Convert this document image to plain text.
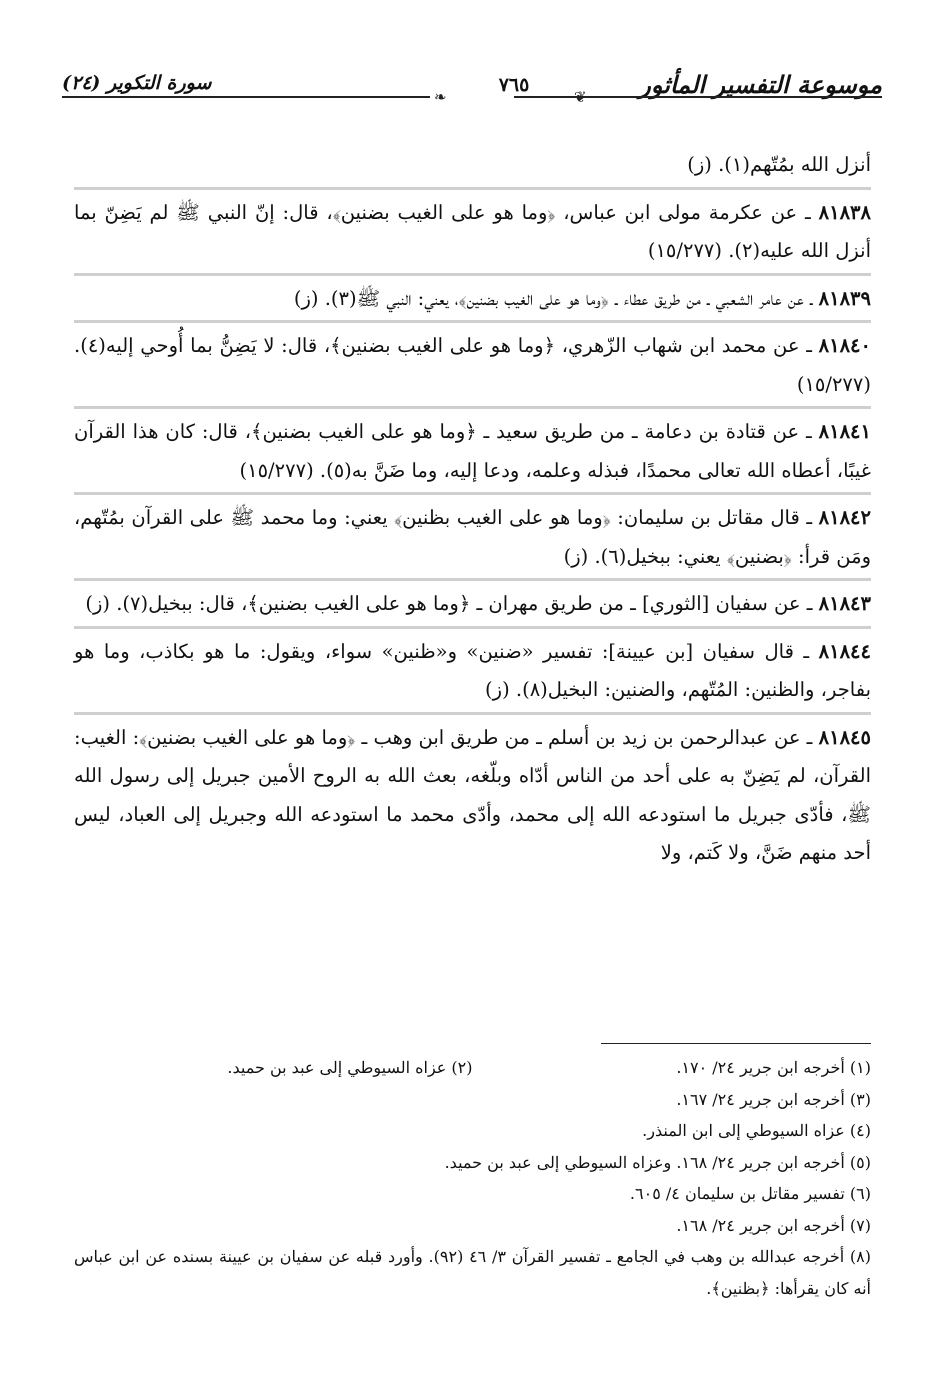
موسوعة التفسير المأثور
❦
٧٦٥
❧
سورة التكوير (٢٤)

أنزل الله بمُتّهم(١). (ز)

٨١٨٣٨ ـ عن عكرمة مولى ابن عباس، ﴿وما هو على الغيب بضنين﴾، قال: إنّ النبي ﷺ لم يَضِنّ بما أنزل الله عليه(٢). (١٥/٢٧٧)

٨١٨٣٩ ـ عن عامر الشعبي ـ من طريق عطاء ـ ﴿وما هو على الغيب بضنين﴾، يعني: النبي ﷺ(٣). (ز)

٨١٨٤٠ ـ عن محمد ابن شهاب الزّهري، ﴿وما هو على الغيب بضنين﴾، قال: لا يَضِنُّ بما أُوحي إليه(٤). (١٥/٢٧٧)

٨١٨٤١ ـ عن قتادة بن دعامة ـ من طريق سعيد ـ ﴿وما هو على الغيب بضنين﴾، قال: كان هذا القرآن غيبًا، أعطاه الله تعالى محمدًا، فبذله وعلمه، ودعا إليه، وما ضَنَّ به(٥). (١٥/٢٧٧)

٨١٨٤٢ ـ قال مقاتل بن سليمان: ﴿وما هو على الغيب بظنين﴾ يعني: وما محمد ﷺ على القرآن بمُتّهم، ومَن قرأ: ﴿بضنين﴾ يعني: ببخيل(٦). (ز)

٨١٨٤٣ ـ عن سفيان [الثوري] ـ من طريق مهران ـ ﴿وما هو على الغيب بضنين﴾، قال: ببخيل(٧). (ز)

٨١٨٤٤ ـ قال سفيان [بن عيينة]: تفسير «ضنين» و«ظنين» سواء، ويقول: ما هو بكاذب، وما هو بفاجر، والظنين: المُتّهم، والضنين: البخيل(٨). (ز)

٨١٨٤٥ ـ عن عبدالرحمن بن زيد بن أسلم ـ من طريق ابن وهب ـ ﴿وما هو على الغيب بضنين﴾: الغيب: القرآن، لم يَضِنّ به على أحد من الناس أدّاه وبلّغه، بعث الله به الروح الأمين جبريل إلى رسول الله ﷺ، فأدّى جبريل ما استودعه الله إلى محمد، وأدّى محمد ما استودعه الله وجبريل إلى العباد، ليس أحد منهم ضَنَّ، ولا كَتم، ولا

(١) أخرجه ابن جرير ٢٤/ ١٧٠.

(٢) عزاه السيوطي إلى عبد بن حميد.

(٣) أخرجه ابن جرير ٢٤/ ١٦٧.

(٤) عزاه السيوطي إلى ابن المنذر.

(٥) أخرجه ابن جرير ٢٤/ ١٦٨. وعزاه السيوطي إلى عبد بن حميد.

(٦) تفسير مقاتل بن سليمان ٤/ ٦٠٥.

(٧) أخرجه ابن جرير ٢٤/ ١٦٨.

(٨) أخرجه عبدالله بن وهب في الجامع ـ تفسير القرآن ٣/ ٤٦ (٩٢). وأورد قبله عن سفيان بن عيينة بسنده عن ابن عباس أنه كان يقرأها: ﴿بظنين﴾.
